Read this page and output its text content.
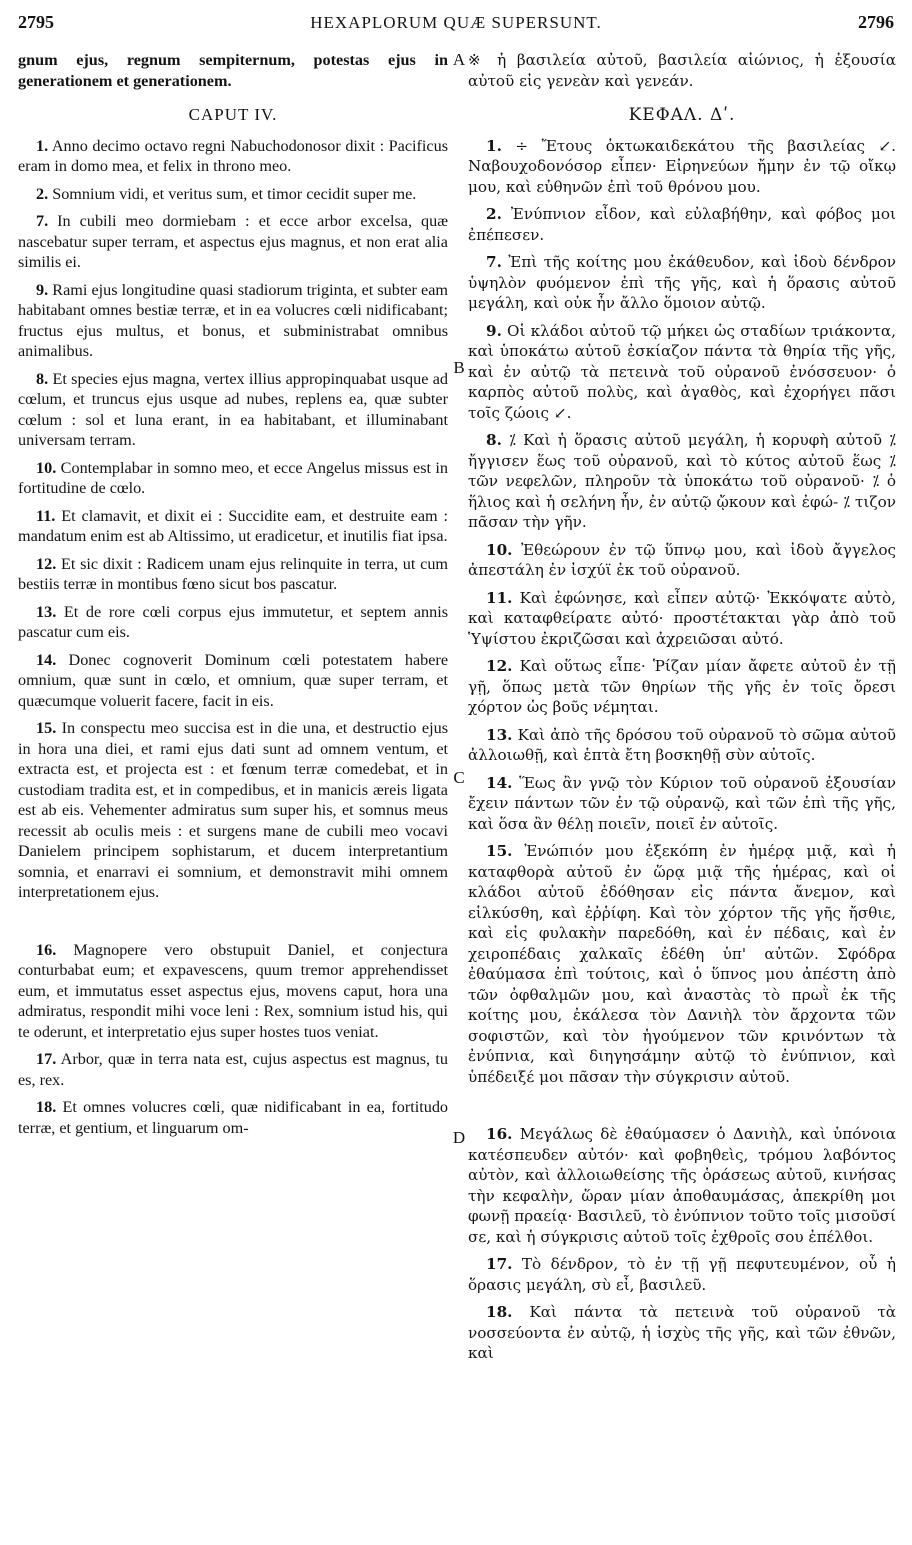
2795	HEXAPLORUM QUÆ SUPERSUNT.	2796
A
B
C
D

gnum ejus, regnum sempiternum, potestas ejus in generationem et generationem.

CAPUT IV.

1. Anno decimo octavo regni Nabuchodonosor dixit : Pacificus eram in domo mea, et felix in throno meo.

2. Somnium vidi, et veritus sum, et timor cecidit super me.

7. In cubili meo dormiebam : et ecce arbor excelsa, quæ nascebatur super terram, et aspectus ejus magnus, et non erat alia similis ei.

9. Rami ejus longitudine quasi stadiorum triginta, et subter eam habitabant omnes bestiæ terræ, et in ea volucres cœli nidificabant; fructus ejus multus, et bonus, et subministrabat omnibus animalibus.

8. Et species ejus magna, vertex illius appropinquabat usque ad cœlum, et truncus ejus usque ad nubes, replens ea, quæ subter cœlum : sol et luna erant, in ea habitabant, et illuminabant universam terram.

10. Contemplabar in somno meo, et ecce Angelus missus est in fortitudine de cœlo.

11. Et clamavit, et dixit ei : Succidite eam, et destruite eam : mandatum enim est ab Altissimo, ut eradicetur, et inutilis fiat ipsa.

12. Et sic dixit : Radicem unam ejus relinquite in terra, ut cum bestiis terræ in montibus fœno sicut bos pascatur.

13. Et de rore cœli corpus ejus immutetur, et septem annis pascatur cum eis.

14. Donec cognoverit Dominum cœli potestatem habere omnium, quæ sunt in cœlo, et omnium, quæ super terram, et quæcumque voluerit facere, facit in eis.

15. In conspectu meo succisa est in die una, et destructio ejus in hora una diei, et rami ejus dati sunt ad omnem ventum, et extracta est, et projecta est : et fœnum terræ comedebat, et in custodiam tradita est, et in compedibus, et in manicis æreis ligata est ab eis. Vehementer admiratus sum super his, et somnus meus recessit ab oculis meis : et surgens mane de cubili meo vocavi Danielem principem sophistarum, et ducem interpretantium somnia, et enarravi ei somnium, et demonstravit mihi omnem interpretationem ejus.

16. Magnopere vero obstupuit Daniel, et conjectura conturbabat eum; et expavescens, quum tremor apprehendisset eum, et immutatus esset aspectus ejus, movens caput, hora una admiratus, respondit mihi voce leni : Rex, somnium istud his, qui te oderunt, et interpretatio ejus super hostes tuos veniat.

17. Arbor, quæ in terra nata est, cujus aspectus est magnus, tu es, rex.

18. Et omnes volucres cœli, quæ nidificabant in ea, fortitudo terræ, et gentium, et linguarum om-

※ ἡ βασιλεία αὐτοῦ, βασιλεία αἰώνιος, ἡ ἐξουσία αὐτοῦ εἰς γενεὰν καὶ γενεάν.

ΚΕΦΑΛ. Δʹ.

1. ÷ Ἔτους ὀκτωκαιδεκάτου τῆς βασιλείας ↙. Ναβουχοδονόσορ εἶπεν· Εἰρηνεύων ἤμην ἐν τῷ οἴκῳ μου, καὶ εὐθηνῶν ἐπὶ τοῦ θρόνου μου.

2. Ἐνύπνιον εἶδον, καὶ εὐλαβήθην, καὶ φόβος μοι ἐπέπεσεν.

7. Ἐπὶ τῆς κοίτης μου ἐκάθευδον, καὶ ἰδοὺ δένδρον ὑψηλὸν φυόμενον ἐπὶ τῆς γῆς, καὶ ἡ ὅρασις αὐτοῦ μεγάλη, καὶ οὐκ ἦν ἄλλο ὅμοιον αὐτῷ.

9. Οἱ κλάδοι αὐτοῦ τῷ μήκει ὡς σταδίων τριάκοντα, καὶ ὑποκάτω αὐτοῦ ἐσκίαζον πάντα τὰ θηρία τῆς γῆς, καὶ ἐν αὐτῷ τὰ πετεινὰ τοῦ οὐρανοῦ ἐνόσσευον· ὁ καρπὸς αὐτοῦ πολὺς, καὶ ἀγαθὸς, καὶ ἐχορήγει πᾶσι τοῖς ζώοις ↙.

8. ⁒ Καὶ ἡ ὅρασις αὐτοῦ μεγάλη, ἡ κορυφὴ αὐτοῦ ⁒ ἤγγισεν ἕως τοῦ οὐρανοῦ, καὶ τὸ κύτος αὐτοῦ ἕως ⁒ τῶν νεφελῶν, πληροῦν τὰ ὑποκάτω τοῦ οὐρανοῦ· ⁒ ὁ ἥλιος καὶ ἡ σελήνη ἦν, ἐν αὐτῷ ᾤκουν καὶ ἐφώ- ⁒ τιζον πᾶσαν τὴν γῆν.

10. Ἐθεώρουν ἐν τῷ ὕπνῳ μου, καὶ ἰδοὺ ἄγγελος ἀπεστάλη ἐν ἰσχύϊ ἐκ τοῦ οὐρανοῦ.

11. Καὶ ἐφώνησε, καὶ εἶπεν αὐτῷ· Ἐκκόψατε αὐτὸ, καὶ καταφθείρατε αὐτό· προστέτακται γὰρ ἀπὸ τοῦ Ὑψίστου ἐκριζῶσαι καὶ ἀχρειῶσαι αὐτό.

12. Καὶ οὕτως εἶπε· Ῥίζαν μίαν ἄφετε αὐτοῦ ἐν τῇ γῇ, ὅπως μετὰ τῶν θηρίων τῆς γῆς ἐν τοῖς ὄρεσι χόρτον ὡς βοῦς νέμηται.

13. Καὶ ἀπὸ τῆς δρόσου τοῦ οὐρανοῦ τὸ σῶμα αὐτοῦ ἀλλοιωθῇ, καὶ ἑπτὰ ἔτη βοσκηθῇ σὺν αὐτοῖς.

14. Ἕως ἂν γνῷ τὸν Κύριον τοῦ οὐρανοῦ ἐξουσίαν ἔχειν πάντων τῶν ἐν τῷ οὐρανῷ, καὶ τῶν ἐπὶ τῆς γῆς, καὶ ὅσα ἂν θέλῃ ποιεῖν, ποιεῖ ἐν αὐτοῖς.

15. Ἐνώπιόν μου ἐξεκόπη ἐν ἡμέρᾳ μιᾷ, καὶ ἡ καταφθορὰ αὐτοῦ ἐν ὥρᾳ μιᾷ τῆς ἡμέρας, καὶ οἱ κλάδοι αὐτοῦ ἐδόθησαν εἰς πάντα ἄνεμον, καὶ εἱλκύσθη, καὶ ἐῤῥίφη. Καὶ τὸν χόρτον τῆς γῆς ἤσθιε, καὶ εἰς φυλακὴν παρεδόθη, καὶ ἐν πέδαις, καὶ ἐν χειροπέδαις χαλκαῖς ἐδέθη ὑπ' αὐτῶν. Σφόδρα ἐθαύμασα ἐπὶ τούτοις, καὶ ὁ ὕπνος μου ἀπέστη ἀπὸ τῶν ὀφθαλμῶν μου, καὶ ἀναστὰς τὸ πρωῒ ἐκ τῆς κοίτης μου, ἐκάλεσα τὸν Δανιὴλ τὸν ἄρχοντα τῶν σοφιστῶν, καὶ τὸν ἡγούμενον τῶν κρινόντων τὰ ἐνύπνια, καὶ διηγησάμην αὐτῷ τὸ ἐνύπνιον, καὶ ὑπέδειξέ μοι πᾶσαν τὴν σύγκρισιν αὐτοῦ.

16. Μεγάλως δὲ ἐθαύμασεν ὁ Δανιὴλ, καὶ ὑπόνοια κατέσπευδεν αὐτόν· καὶ φοβηθεὶς, τρόμου λαβόντος αὐτὸν, καὶ ἀλλοιωθείσης τῆς ὁράσεως αὐτοῦ, κινήσας τὴν κεφαλὴν, ὥραν μίαν ἀποθαυμάσας, ἀπεκρίθη μοι φωνῇ πραείᾳ· Βασιλεῦ, τὸ ἐνύπνιον τοῦτο τοῖς μισοῦσί σε, καὶ ἡ σύγκρισις αὐτοῦ τοῖς ἐχθροῖς σου ἐπέλθοι.

17. Τὸ δένδρον, τὸ ἐν τῇ γῇ πεφυτευμένον, οὗ ἡ ὅρασις μεγάλη, σὺ εἶ, βασιλεῦ.

18. Καὶ πάντα τὰ πετεινὰ τοῦ οὐρανοῦ τὰ νοσσεύοντα ἐν αὐτῷ, ἡ ἰσχὺς τῆς γῆς, καὶ τῶν ἐθνῶν, καὶ
